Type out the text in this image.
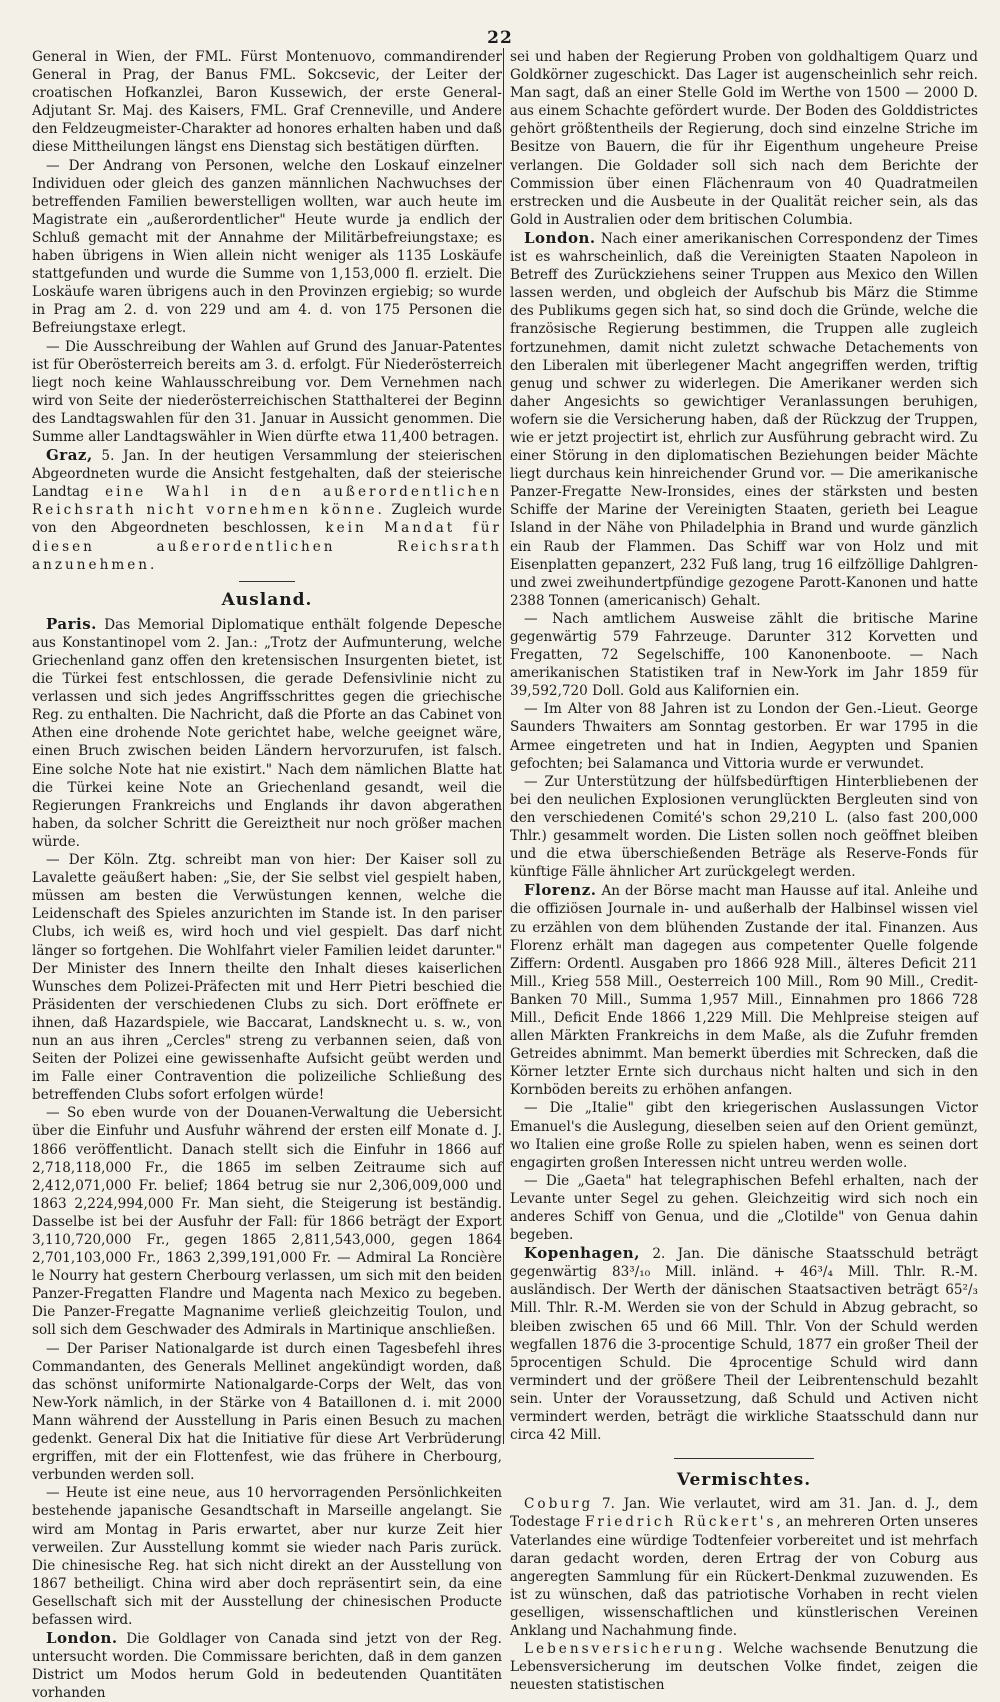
22

General in Wien, der FML. Fürst Montenuovo, commandirender General in Prag, der Banus FML. Sokcsevic, der Leiter der croatischen Hofkanzlei, Baron Kussewich, der erste General-Adjutant Sr. Maj. des Kaisers, FML. Graf Crenneville, und Andere den Feldzeugmeister-Charakter ad honores erhalten haben und daß diese Mittheilungen längst ens Dienstag sich bestätigen dürften.

— Der Andrang von Personen, welche den Loskauf einzelner Individuen oder gleich des ganzen männlichen Nachwuchses der betreffenden Familien bewerstelligen wollten, war auch heute im Magistrate ein „außerordentlicher" Heute wurde ja endlich der Schluß gemacht mit der Annahme der Militärbefreiungstaxe; es haben übrigens in Wien allein nicht weniger als 1135 Loskäufe stattgefunden und wurde die Summe von 1,153,000 fl. erzielt. Die Loskäufe waren übrigens auch in den Provinzen ergiebig; so wurde in Prag am 2. d. von 229 und am 4. d. von 175 Personen die Befreiungstaxe erlegt.

— Die Ausschreibung der Wahlen auf Grund des Januar-Patentes ist für Oberösterreich bereits am 3. d. erfolgt. Für Niederösterreich liegt noch keine Wahlausschreibung vor. Dem Vernehmen nach wird von Seite der niederösterreichischen Statthalterei der Beginn des Landtagswahlen für den 31. Januar in Aussicht genommen. Die Summe aller Landtagswähler in Wien dürfte etwa 11,400 betragen.

Graz, 5. Jan. In der heutigen Versammlung der steierischen Abgeordneten wurde die Ansicht festgehalten, daß der steierische Landtag eine Wahl in den außerordentlichen Reichsrath nicht vornehmen könne. Zugleich wurde von den Abgeordneten beschlossen, kein Mandat für diesen außerordentlichen Reichsrath anzunehmen.

Ausland.

Paris. Das Memorial Diplomatique enthält folgende Depesche aus Konstantinopel vom 2. Jan.: „Trotz der Aufmunterung, welche Griechenland ganz offen den kretensischen Insurgenten bietet, ist die Türkei fest entschlossen, die gerade Defensivlinie nicht zu verlassen und sich jedes Angriffsschrittes gegen die griechische Reg. zu enthalten. Die Nachricht, daß die Pforte an das Cabinet von Athen eine drohende Note gerichtet habe, welche geeignet wäre, einen Bruch zwischen beiden Ländern hervorzurufen, ist falsch. Eine solche Note hat nie existirt." Nach dem nämlichen Blatte hat die Türkei keine Note an Griechenland gesandt, weil die Regierungen Frankreichs und Englands ihr davon abgerathen haben, da solcher Schritt die Gereiztheit nur noch größer machen würde.

— Der Köln. Ztg. schreibt man von hier: Der Kaiser soll zu Lavalette geäußert haben: „Sie, der Sie selbst viel gespielt haben, müssen am besten die Verwüstungen kennen, welche die Leidenschaft des Spieles anzurichten im Stande ist. In den pariser Clubs, ich weiß es, wird hoch und viel gespielt. Das darf nicht länger so fortgehen. Die Wohlfahrt vieler Familien leidet darunter." Der Minister des Innern theilte den Inhalt dieses kaiserlichen Wunsches dem Polizei-Präfecten mit und Herr Pietri beschied die Präsidenten der verschiedenen Clubs zu sich. Dort eröffnete er ihnen, daß Hazardspiele, wie Baccarat, Landsknecht u. s. w., von nun an aus ihren „Cercles" streng zu verbannen seien, daß von Seiten der Polizei eine gewissenhafte Aufsicht geübt werden und im Falle einer Contravention die polizeiliche Schließung des betreffenden Clubs sofort erfolgen würde!

— So eben wurde von der Douanen-Verwaltung die Uebersicht über die Einfuhr und Ausfuhr während der ersten eilf Monate d. J. 1866 veröffentlicht. Danach stellt sich die Einfuhr in 1866 auf 2,718,118,000 Fr., die 1865 im selben Zeitraume sich auf 2,412,071,000 Fr. belief; 1864 betrug sie nur 2,306,009,000 und 1863 2,224,994,000 Fr. Man sieht, die Steigerung ist beständig. Dasselbe ist bei der Ausfuhr der Fall: für 1866 beträgt der Export 3,110,720,000 Fr., gegen 1865 2,811,543,000, gegen 1864 2,701,103,000 Fr., 1863 2,399,191,000 Fr. — Admiral La Roncière le Nourry hat gestern Cherbourg verlassen, um sich mit den beiden Panzer-Fregatten Flandre und Magenta nach Mexico zu begeben. Die Panzer-Fregatte Magnanime verließ gleichzeitig Toulon, und soll sich dem Geschwader des Admirals in Martinique anschließen.

— Der Pariser Nationalgarde ist durch einen Tagesbefehl ihres Commandanten, des Generals Mellinet angekündigt worden, daß das schönst uniformirte Nationalgarde-Corps der Welt, das von New-York nämlich, in der Stärke von 4 Bataillonen d. i. mit 2000 Mann während der Ausstellung in Paris einen Besuch zu machen gedenkt. General Dix hat die Initiative für diese Art Verbrüderung ergriffen, mit der ein Flottenfest, wie das frühere in Cherbourg, verbunden werden soll.

— Heute ist eine neue, aus 10 hervorragenden Persönlichkeiten bestehende japanische Gesandtschaft in Marseille angelangt. Sie wird am Montag in Paris erwartet, aber nur kurze Zeit hier verweilen. Zur Ausstellung kommt sie wieder nach Paris zurück. Die chinesische Reg. hat sich nicht direkt an der Ausstellung von 1867 betheiligt. China wird aber doch repräsentirt sein, da eine Gesellschaft sich mit der Ausstellung der chinesischen Producte befassen wird.

London. Die Goldlager von Canada sind jetzt von der Reg. untersucht worden. Die Commissare berichten, daß in dem ganzen District um Modos herum Gold in bedeutenden Quantitäten vorhanden

sei und haben der Regierung Proben von goldhaltigem Quarz und Goldkörner zugeschickt. Das Lager ist augenscheinlich sehr reich. Man sagt, daß an einer Stelle Gold im Werthe von 1500 — 2000 D. aus einem Schachte gefördert wurde. Der Boden des Golddistrictes gehört größtentheils der Regierung, doch sind einzelne Striche im Besitze von Bauern, die für ihr Eigenthum ungeheure Preise verlangen. Die Goldader soll sich nach dem Berichte der Commission über einen Flächenraum von 40 Quadratmeilen erstrecken und die Ausbeute in der Qualität reicher sein, als das Gold in Australien oder dem britischen Columbia.

London. Nach einer amerikanischen Correspondenz der Times ist es wahrscheinlich, daß die Vereinigten Staaten Napoleon in Betreff des Zurückziehens seiner Truppen aus Mexico den Willen lassen werden, und obgleich der Aufschub bis März die Stimme des Publikums gegen sich hat, so sind doch die Gründe, welche die französische Regierung bestimmen, die Truppen alle zugleich fortzunehmen, damit nicht zuletzt schwache Detachements von den Liberalen mit überlegener Macht angegriffen werden, triftig genug und schwer zu widerlegen. Die Amerikaner werden sich daher Angesichts so gewichtiger Veranlassungen beruhigen, wofern sie die Versicherung haben, daß der Rückzug der Truppen, wie er jetzt projectirt ist, ehrlich zur Ausführung gebracht wird. Zu einer Störung in den diplomatischen Beziehungen beider Mächte liegt durchaus kein hinreichender Grund vor. — Die amerikanische Panzer-Fregatte New-Ironsides, eines der stärksten und besten Schiffe der Marine der Vereinigten Staaten, gerieth bei League Island in der Nähe von Philadelphia in Brand und wurde gänzlich ein Raub der Flammen. Das Schiff war von Holz und mit Eisenplatten gepanzert, 232 Fuß lang, trug 16 eilfzöllige Dahlgren- und zwei zweihundertpfündige gezogene Parott-Kanonen und hatte 2388 Tonnen (americanisch) Gehalt.

— Nach amtlichem Ausweise zählt die britische Marine gegenwärtig 579 Fahrzeuge. Darunter 312 Korvetten und Fregatten, 72 Segelschiffe, 100 Kanonenboote. — Nach amerikanischen Statistiken traf in New-York im Jahr 1859 für 39,592,720 Doll. Gold aus Kalifornien ein.

— Im Alter von 88 Jahren ist zu London der Gen.-Lieut. George Saunders Thwaiters am Sonntag gestorben. Er war 1795 in die Armee eingetreten und hat in Indien, Aegypten und Spanien gefochten; bei Salamanca und Vittoria wurde er verwundet.

— Zur Unterstützung der hülfsbedürftigen Hinterbliebenen der bei den neulichen Explosionen verunglückten Bergleuten sind von den verschiedenen Comité's schon 29,210 L. (also fast 200,000 Thlr.) gesammelt worden. Die Listen sollen noch geöffnet bleiben und die etwa überschießenden Beträge als Reserve-Fonds für künftige Fälle ähnlicher Art zurückgelegt werden.

Florenz. An der Börse macht man Hausse auf ital. Anleihe und die offiziösen Journale in- und außerhalb der Halbinsel wissen viel zu erzählen von dem blühenden Zustande der ital. Finanzen. Aus Florenz erhält man dagegen aus competenter Quelle folgende Ziffern: Ordentl. Ausgaben pro 1866 928 Mill., älteres Deficit 211 Mill., Krieg 558 Mill., Oesterreich 100 Mill., Rom 90 Mill., Credit-Banken 70 Mill., Summa 1,957 Mill., Einnahmen pro 1866 728 Mill., Deficit Ende 1866 1,229 Mill. Die Mehlpreise steigen auf allen Märkten Frankreichs in dem Maße, als die Zufuhr fremden Getreides abnimmt. Man bemerkt überdies mit Schrecken, daß die Körner letzter Ernte sich durchaus nicht halten und sich in den Kornböden bereits zu erhöhen anfangen.

— Die „Italie" gibt den kriegerischen Auslassungen Victor Emanuel's die Auslegung, dieselben seien auf den Orient gemünzt, wo Italien eine große Rolle zu spielen haben, wenn es seinen dort engagirten großen Interessen nicht untreu werden wolle.

— Die „Gaeta" hat telegraphischen Befehl erhalten, nach der Levante unter Segel zu gehen. Gleichzeitig wird sich noch ein anderes Schiff von Genua, und die „Clotilde" von Genua dahin begeben.

Kopenhagen, 2. Jan. Die dänische Staatsschuld beträgt gegenwärtig 83³/₁₀ Mill. inländ. + 46³/₄ Mill. Thlr. R.-M. ausländisch. Der Werth der dänischen Staatsactiven beträgt 65²/₃ Mill. Thlr. R.-M. Werden sie von der Schuld in Abzug gebracht, so bleiben zwischen 65 und 66 Mill. Thlr. Von der Schuld werden wegfallen 1876 die 3-procentige Schuld, 1877 ein großer Theil der 5procentigen Schuld. Die 4procentige Schuld wird dann vermindert und der größere Theil der Leibrentenschuld bezahlt sein. Unter der Voraussetzung, daß Schuld und Activen nicht vermindert werden, beträgt die wirkliche Staatsschuld dann nur circa 42 Mill.

Vermischtes.

Coburg 7. Jan. Wie verlautet, wird am 31. Jan. d. J., dem Todestage Friedrich Rückert's, an mehreren Orten unseres Vaterlandes eine würdige Todtenfeier vorbereitet und ist mehrfach daran gedacht worden, deren Ertrag der von Coburg aus angeregten Sammlung für ein Rückert-Denkmal zuzuwenden. Es ist zu wünschen, daß das patriotische Vorhaben in recht vielen geselligen, wissenschaftlichen und künstlerischen Vereinen Anklang und Nachahmung finde.

Lebensversicherung. Welche wachsende Benutzung die Lebensversicherung im deutschen Volke findet, zeigen die neuesten statistischen
